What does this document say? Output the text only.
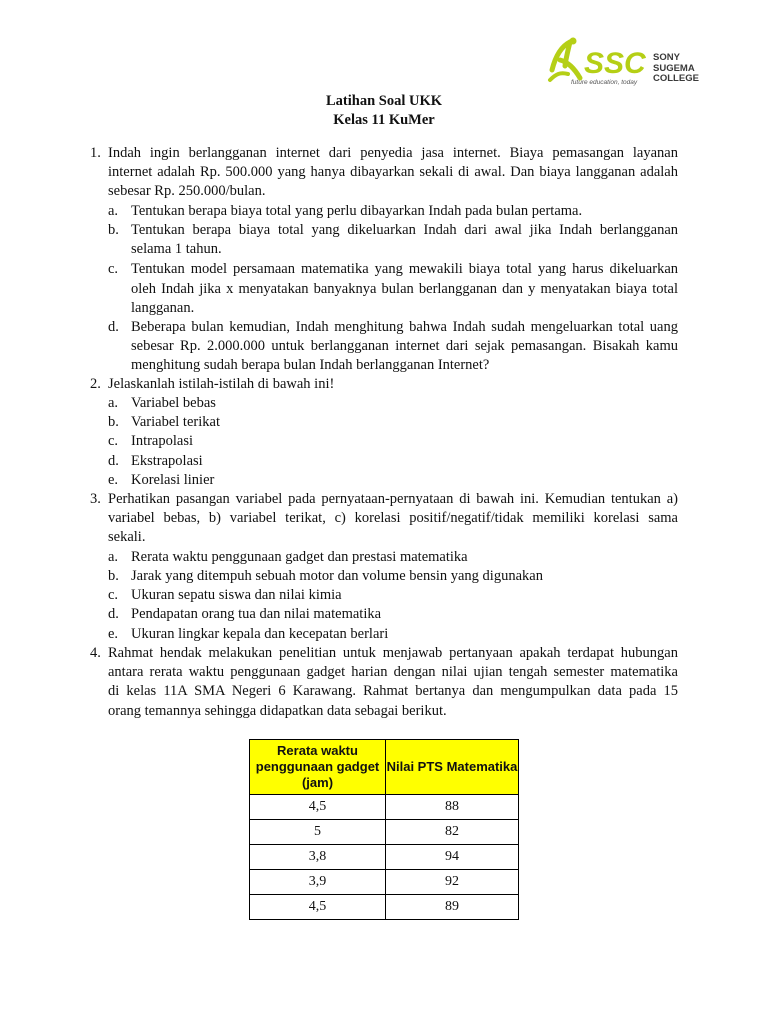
SSC SONY
SUGEMA
COLLEGE
future education, today
Latihan Soal UKK
Kelas 11 KuMer
1. Indah ingin berlangganan internet dari penyedia jasa internet. Biaya pemasangan layanan
internet adalah Rp. 500.000 yang hanya dibayarkan sekali di awal. Dan biaya langganan adalah
sebesar Rp. 250.000/bulan.
a. Tentukan berapa biaya total yang perlu dibayarkan Indah pada bulan pertama.
b. Tentukan berapa biaya total yang dikeluarkan Indah dari awal jika Indah berlangganan
selama 1 tahun.
c. Tentukan model persamaan matematika yang mewakili biaya total yang harus dikeluarkan
oleh Indah jika x menyatakan banyaknya bulan berlangganan dan y menyatakan biaya total
langganan.
d. Beberapa bulan kemudian, Indah menghitung bahwa Indah sudah mengeluarkan total uang
sebesar Rp. 2.000.000 untuk berlangganan internet dari sejak pemasangan. Bisakah kamu
menghitung sudah berapa bulan Indah berlangganan Internet?
2. Jelaskanlah istilah-istilah di bawah ini!
a. Variabel bebas
b. Variabel terikat
c. Intrapolasi
d. Ekstrapolasi
e. Korelasi linier
3. Perhatikan pasangan variabel pada pernyataan-pernyataan di bawah ini. Kemudian tentukan a)
variabel bebas, b) variabel terikat, c) korelasi positif/negatif/tidak memiliki korelasi sama
sekali.
a. Rerata waktu penggunaan gadget dan prestasi matematika
b. Jarak yang ditempuh sebuah motor dan volume bensin yang digunakan
c. Ukuran sepatu siswa dan nilai kimia
d. Pendapatan orang tua dan nilai matematika
e. Ukuran lingkar kepala dan kecepatan berlari
4. Rahmat hendak melakukan penelitian untuk menjawab pertanyaan apakah terdapat hubungan
antara rerata waktu penggunaan gadget harian dengan nilai ujian tengah semester matematika
di kelas 11A SMA Negeri 6 Karawang. Rahmat bertanya dan mengumpulkan data pada 15
orang temannya sehingga didapatkan data sebagai berikut.
Rerata waktu penggunaan gadget (jam)	Nilai PTS Matematika
4,5	88
5	82
3,8	94
3,9	92
4,5	89
